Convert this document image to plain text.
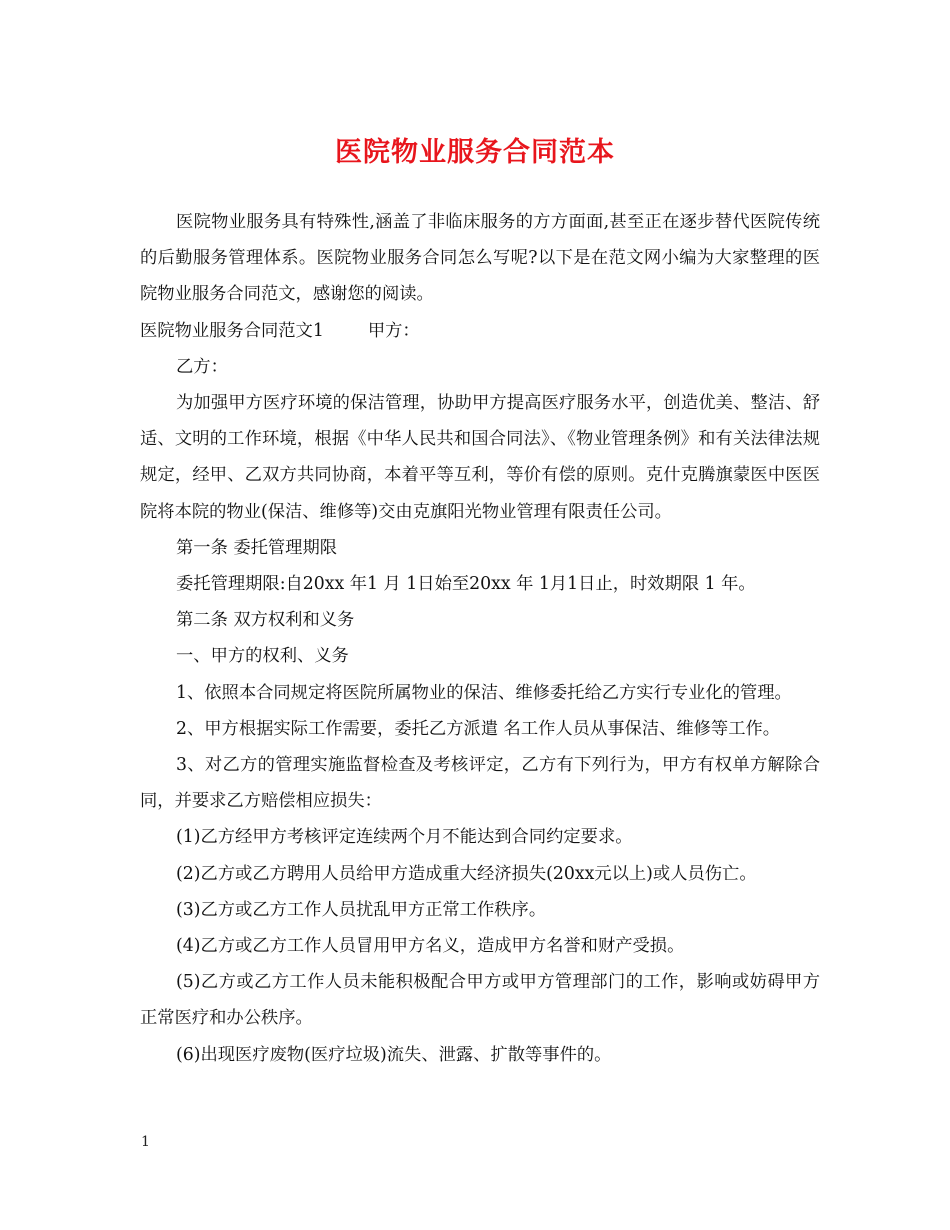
医院物业服务合同范本

医院物业服务具有特殊性,涵盖了非临床服务的方方面面,甚至正在逐步替代医院传统的后勤服务管理体系。医院物业服务合同怎么写呢?以下是在范文网小编为大家整理的医院物业服务合同范文，感谢您的阅读。

医院物业服务合同范文1	甲方：

乙方：

为加强甲方医疗环境的保洁管理，协助甲方提高医疗服务水平，创造优美、整洁、舒适、文明的工作环境，根据《中华人民共和国合同法》、《物业管理条例》和有关法律法规规定，经甲、乙双方共同协商，本着平等互利，等价有偿的原则。克什克腾旗蒙医中医医院将本院的物业(保洁、维修等)交由克旗阳光物业管理有限责任公司。

第一条 委托管理期限

委托管理期限:自20xx 年1 月 1日始至20xx 年 1月1日止，时效期限 1 年。

第二条 双方权利和义务

一、甲方的权利、义务

1、依照本合同规定将医院所属物业的保洁、维修委托给乙方实行专业化的管理。

2、甲方根据实际工作需要，委托乙方派遣 名工作人员从事保洁、维修等工作。

3、对乙方的管理实施监督检查及考核评定，乙方有下列行为，甲方有权单方解除合同，并要求乙方赔偿相应损失：

(1)乙方经甲方考核评定连续两个月不能达到合同约定要求。

(2)乙方或乙方聘用人员给甲方造成重大经济损失(20xx元以上)或人员伤亡。

(3)乙方或乙方工作人员扰乱甲方正常工作秩序。

(4)乙方或乙方工作人员冒用甲方名义，造成甲方名誉和财产受损。

(5)乙方或乙方工作人员未能积极配合甲方或甲方管理部门的工作，影响或妨碍甲方正常医疗和办公秩序。

(6)出现医疗废物(医疗垃圾)流失、泄露、扩散等事件的。

1
